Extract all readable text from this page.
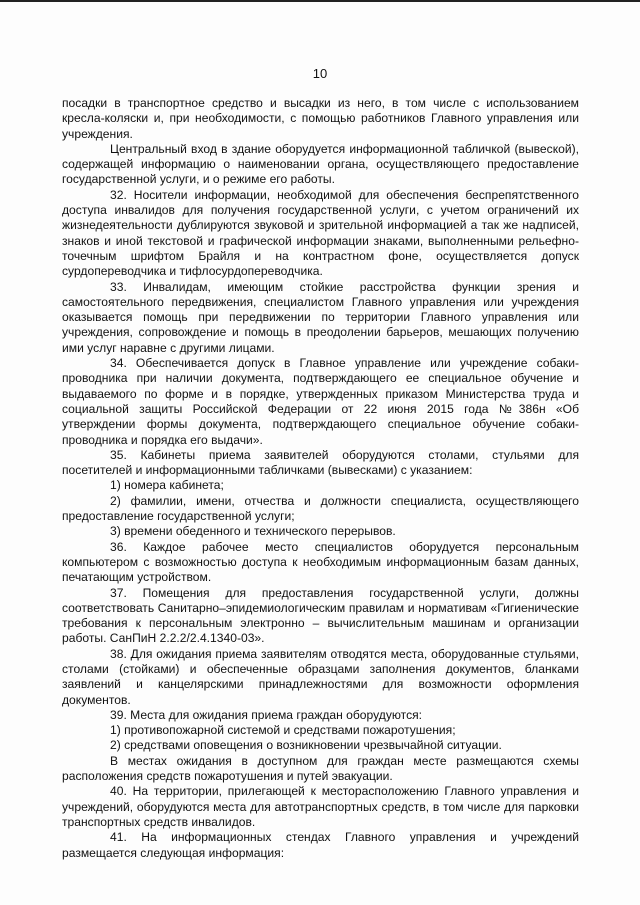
10

посадки в транспортное средство и высадки из него, в том числе с использованием кресла-коляски и, при необходимости, с помощью работников Главного управления или учреждения.

Центральный вход в здание оборудуется информационной табличкой (вывеской), содержащей информацию о наименовании органа, осуществляющего предоставление государственной услуги, и о режиме его работы.

32. Носители информации, необходимой для обеспечения беспрепятственного доступа инвалидов для получения государственной услуги, с учетом ограничений их жизнедеятельности дублируются звуковой и зрительной информацией а так же надписей, знаков и иной текстовой и графической информации знаками, выполненными рельефно-точечным шрифтом Брайля и на контрастном фоне, осуществляется допуск сурдопереводчика и тифлосурдопереводчика.

33. Инвалидам, имеющим стойкие расстройства функции зрения и самостоятельного передвижения, специалистом Главного управления или учреждения оказывается помощь при передвижении по территории Главного управления или учреждения, сопровождение и помощь в преодолении барьеров, мешающих получению ими услуг наравне с другими лицами.

34. Обеспечивается допуск в Главное управление или учреждение собаки-проводника при наличии документа, подтверждающего ее специальное обучение и выдаваемого по форме и в порядке, утвержденных приказом Министерства труда и социальной защиты Российской Федерации от 22 июня 2015 года №386н «Об утверждении формы документа, подтверждающего специальное обучение собаки-проводника и порядка его выдачи».

35. Кабинеты приема заявителей оборудуются столами, стульями для посетителей и информационными табличками (вывесками) с указанием:

1) номера кабинета;

2) фамилии, имени, отчества и должности специалиста, осуществляющего предоставление государственной услуги;

3) времени обеденного и технического перерывов.

36. Каждое рабочее место специалистов оборудуется персональным компьютером с возможностью доступа к необходимым информационным базам данных, печатающим устройством.

37. Помещения для предоставления государственной услуги, должны соответствовать Санитарно–эпидемиологическим правилам и нормативам «Гигиенические требования к персональным электронно – вычислительным машинам и организации работы. СанПиН 2.2.2/2.4.1340-03».

38. Для ожидания приема заявителям отводятся места, оборудованные стульями, столами (стойками) и обеспеченные образцами заполнения документов, бланками заявлений и канцелярскими принадлежностями для возможности оформления документов.

39. Места для ожидания приема граждан оборудуются:

1) противопожарной системой и средствами пожаротушения;

2) средствами оповещения о возникновении чрезвычайной ситуации.

В местах ожидания в доступном для граждан месте размещаются схемы расположения средств пожаротушения и путей эвакуации.

40. На территории, прилегающей к месторасположению Главного управления и учреждений, оборудуются места для автотранспортных средств, в том числе для парковки транспортных средств инвалидов.

41. На информационных стендах Главного управления и учреждений размещается следующая информация:
